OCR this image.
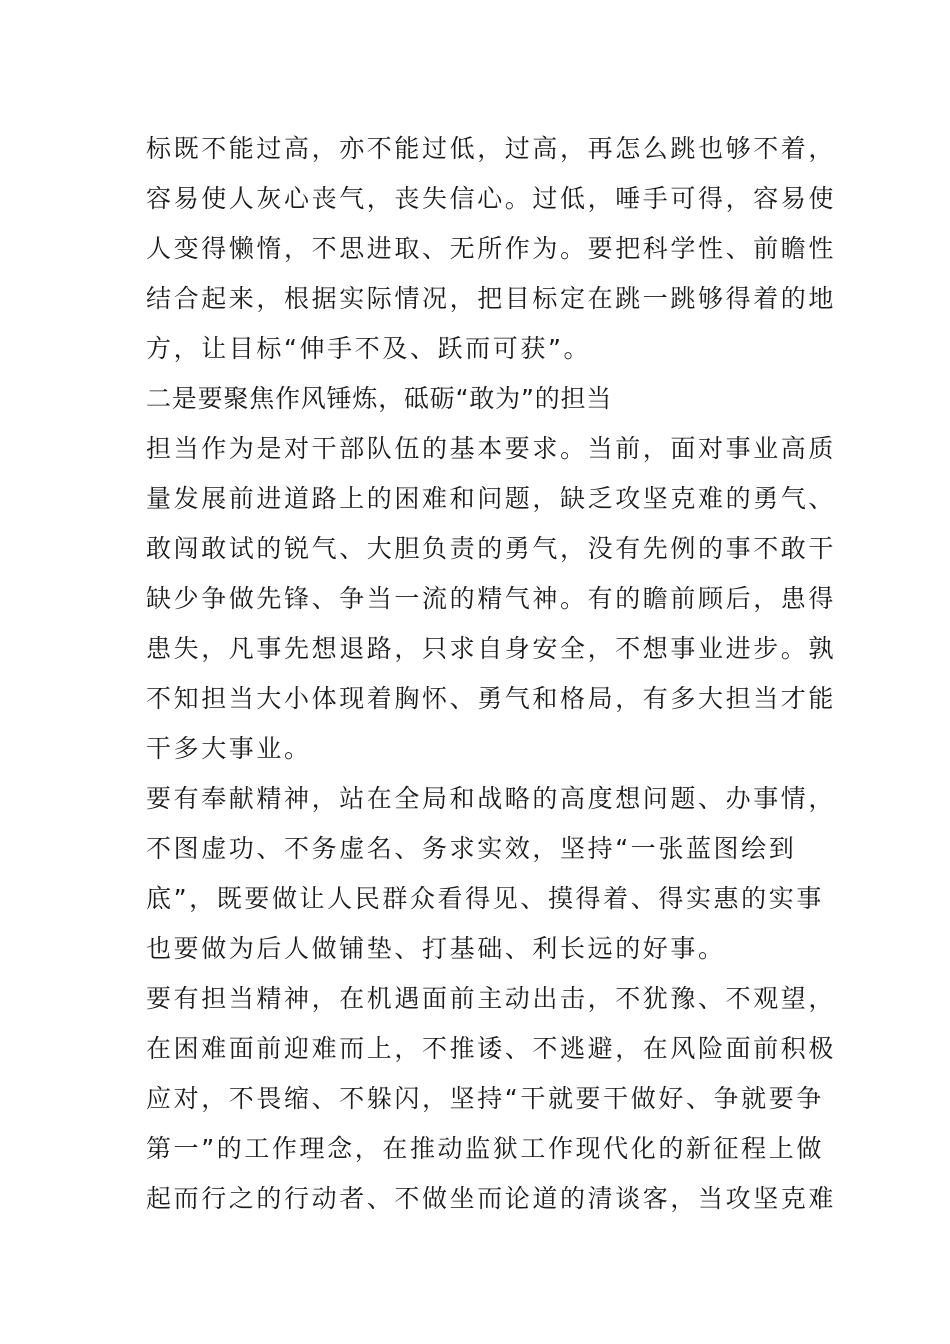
标既不能过高，亦不能过低，过高，再怎么跳也够不着，
容易使人灰心丧气，丧失信心。过低，唾手可得，容易使
人变得懒惰，不思进取、无所作为。要把科学性、前瞻性
结合起来，根据实际情况，把目标定在跳一跳够得着的地
方，让目标“伸手不及、跃而可获”。
二是要聚焦作风锤炼，砥砺“敢为”的担当
担当作为是对干部队伍的基本要求。当前，面对事业高质
量发展前进道路上的困难和问题，缺乏攻坚克难的勇气、
敢闯敢试的锐气、大胆负责的勇气，没有先例的事不敢干
缺少争做先锋、争当一流的精气神。有的瞻前顾后，患得
患失，凡事先想退路，只求自身安全，不想事业进步。孰
不知担当大小体现着胸怀、勇气和格局，有多大担当才能
干多大事业。
要有奉献精神，站在全局和战略的高度想问题、办事情，
不图虚功、不务虚名、务求实效，坚持“一张蓝图绘到
底”，既要做让人民群众看得见、摸得着、得实惠的实事
也要做为后人做铺垫、打基础、利长远的好事。
要有担当精神，在机遇面前主动出击，不犹豫、不观望，
在困难面前迎难而上，不推诿、不逃避，在风险面前积极
应对，不畏缩、不躲闪，坚持“干就要干做好、争就要争
第一”的工作理念，在推动监狱工作现代化的新征程上做
起而行之的行动者、不做坐而论道的清谈客，当攻坚克难
